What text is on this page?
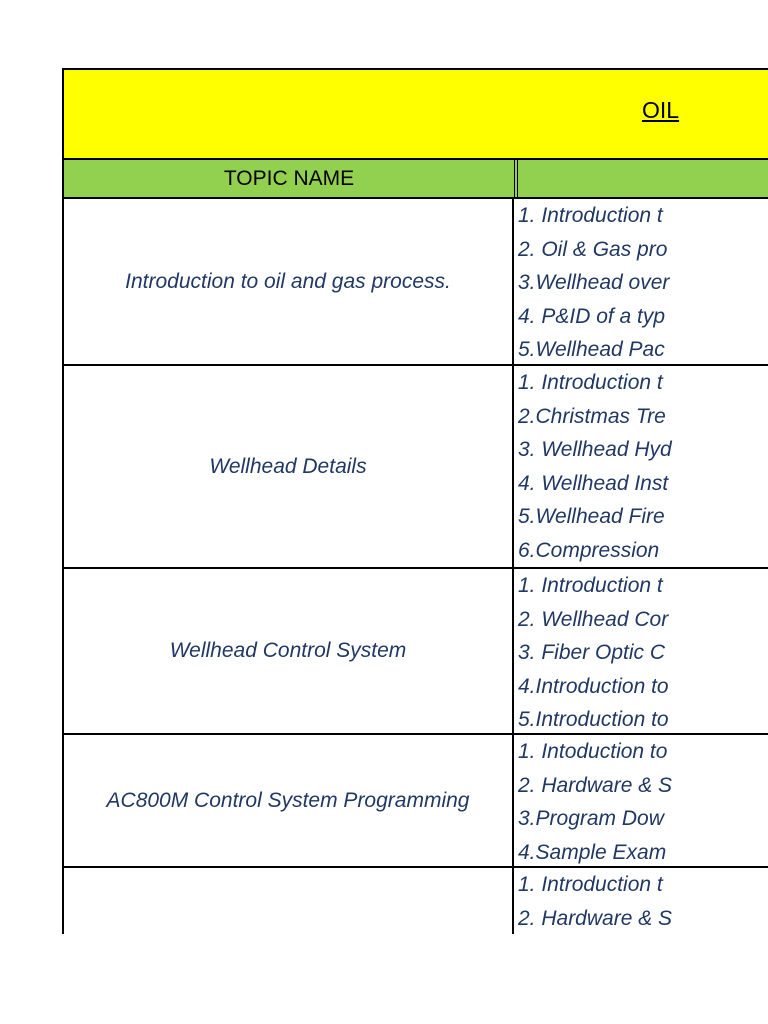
OIL
TOPIC NAME
Introduction to oil and gas process.
1. Introduction t
2. Oil & Gas pro
3.Wellhead over
4. P&ID of a typ
5.Wellhead Pac
Wellhead Details
1. Introduction t
2.Christmas Tre
3. Wellhead Hyd
4. Wellhead Inst
5.Wellhead Fire
6.Compression
Wellhead Control System
1. Introduction t
2. Wellhead Cor
3. Fiber Optic C
4.Introduction to
5.Introduction to
AC800M Control System Programming
1. Intoduction to
2. Hardware & S
3.Program Dow
4.Sample Exam
1. Introduction t
2. Hardware & S
